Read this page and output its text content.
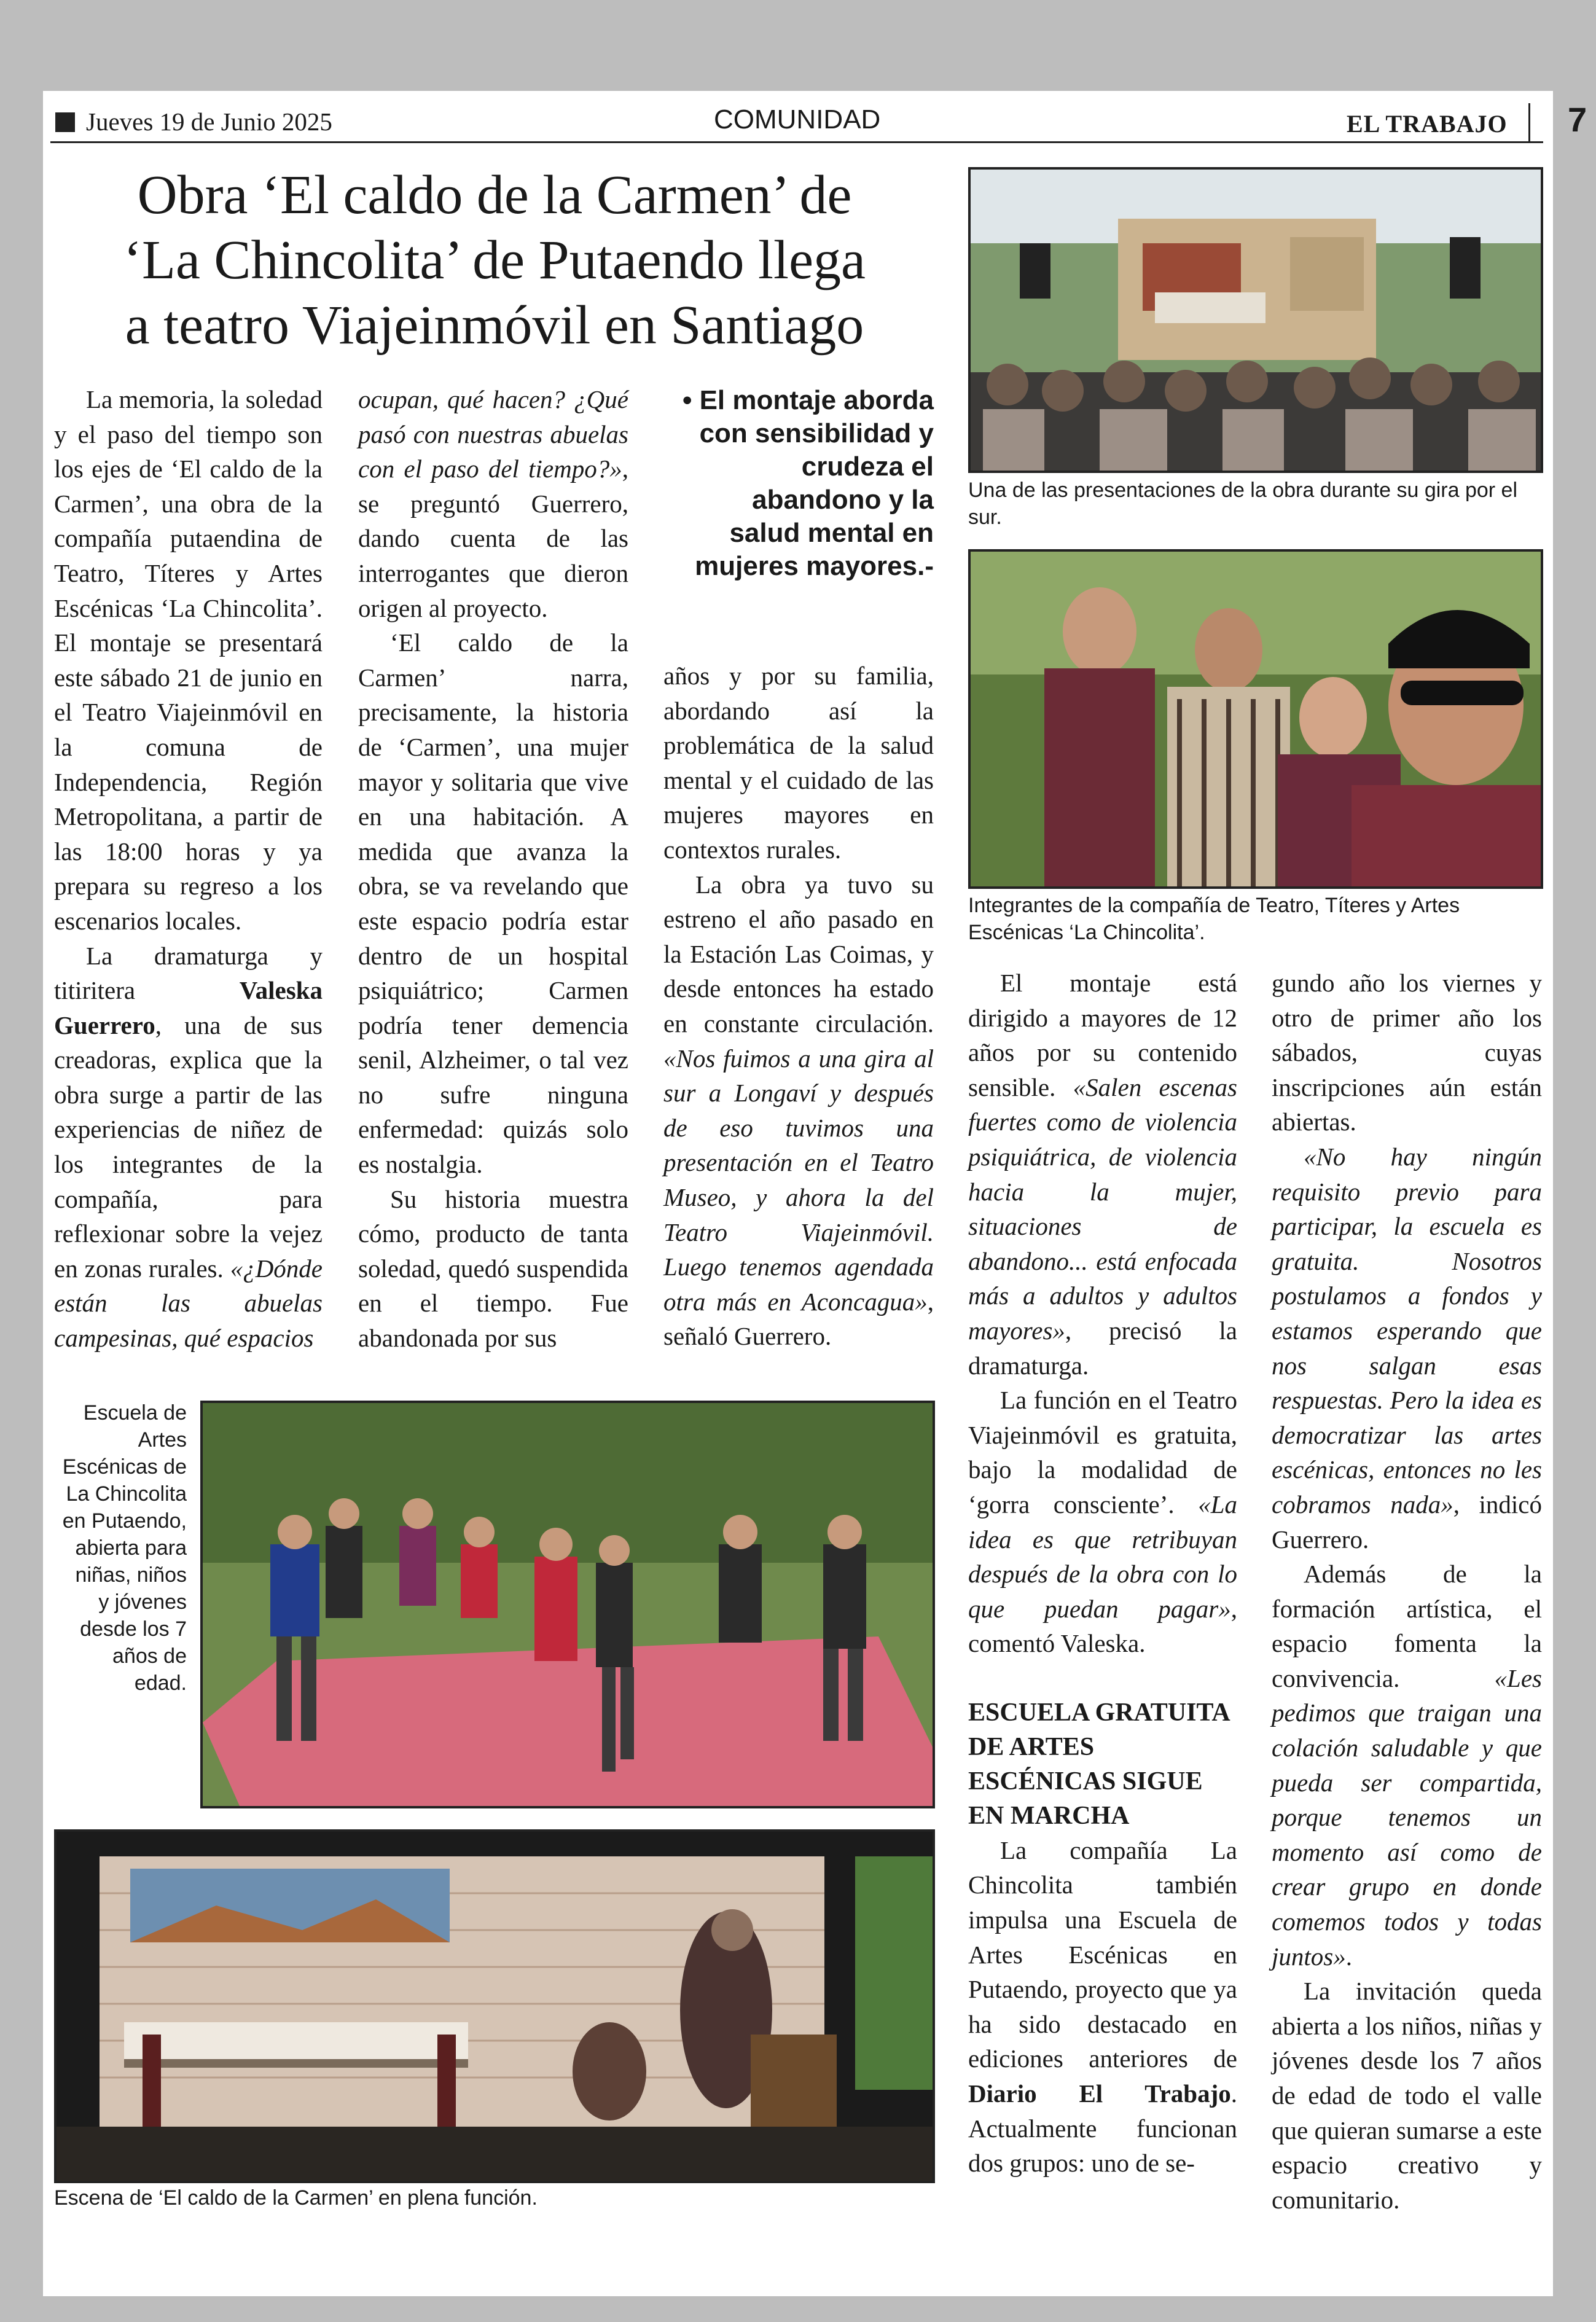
Jueves 19 de Junio 2025	COMUNIDAD	EL TRABAJO 7
Obra ‘El caldo de la Carmen’ de
‘La Chincolita’ de Putaendo llega
a teatro Viajeinmóvil en Santiago

La memoria, la soledad y el paso del tiempo son los ejes de ‘El caldo de la Carmen’, una obra de la compañía putaendina de Teatro, Títeres y Artes Escénicas ‘La Chincolita’. El montaje se presentará este sábado 21 de junio en el Teatro Viajeinmóvil en la comuna de Independencia, Región Metropolitana, a partir de las 18:00 horas y ya prepara su regreso a los escenarios locales.

La dramaturga y titiritera Valeska Guerrero, una de sus creadoras, explica que la obra surge a partir de las experiencias de niñez de los integrantes de la compañía, para reflexionar sobre la vejez en zonas rurales. «¿Dónde están las abuelas campesinas, qué espacios

ocupan, qué hacen? ¿Qué pasó con nuestras abuelas con el paso del tiempo?», se preguntó Guerrero, dando cuenta de las interrogantes que dieron origen al proyecto.

‘El caldo de la Carmen’ narra, precisamente, la historia de ‘Carmen’, una mujer mayor y solitaria que vive en una habitación. A medida que avanza la obra, se va revelando que este espacio podría estar dentro de un hospital psiquiátrico; Carmen podría tener demencia senil, Alzheimer, o tal vez no sufre ninguna enfermedad: quizás solo es nostalgia.

Su historia muestra cómo, producto de tanta soledad, quedó suspendida en el tiempo. Fue abandonada por sus

• El montaje aborda con sensibilidad y crudeza el abandono y la salud mental en mujeres mayores.-

años y por su familia, abordando así la problemática de la salud mental y el cuidado de las mujeres mayores en contextos rurales.

La obra ya tuvo su estreno el año pasado en la Estación Las Coimas, y desde entonces ha estado en constante circulación. «Nos fuimos a una gira al sur a Longaví y después de eso tuvimos una presentación en el Teatro Museo, y ahora la del Teatro Viajeinmóvil. Luego tenemos agendada otra más en Aconcagua», señaló Guerrero.

Una de las presentaciones de la obra durante su gira por el sur.
Integrantes de la compañía de Teatro, Títeres y Artes Escénicas ‘La Chincolita’.

El montaje está dirigido a mayores de 12 años por su contenido sensible. «Salen escenas fuertes como de violencia psiquiátrica, de violencia hacia la mujer, situaciones de abandono... está enfocada más a adultos y adultos mayores», precisó la dramaturga.

La función en el Teatro Viajeinmóvil es gratuita, bajo la modalidad de ‘gorra consciente’. «La idea es que retribuyan después de la obra con lo que puedan pagar», comentó Valeska.

ESCUELA GRATUITA DE ARTES ESCÉNICAS SIGUE EN MARCHA

La compañía La Chincolita también impulsa una Escuela de Artes Escénicas en Putaendo, proyecto que ya ha sido destacado en ediciones anteriores de Diario El Trabajo. Actualmente funcionan dos grupos: uno de se-

gundo año los viernes y otro de primer año los sábados, cuyas inscripciones aún están abiertas.

«No hay ningún requisito previo para participar, la escuela es gratuita. Nosotros postulamos a fondos y estamos esperando que nos salgan esas respuestas. Pero la idea es democratizar las artes escénicas, entonces no les cobramos nada», indicó Guerrero.

Además de la formación artística, el espacio fomenta la convivencia. «Les pedimos que traigan una colación saludable y que pueda ser compartida, porque tenemos un momento así como de crear grupo en donde comemos todos y todas juntos».

La invitación queda abierta a los niños, niñas y jóvenes desde los 7 años de edad de todo el valle que quieran sumarse a este espacio creativo y comunitario.

Escuela de Artes Escénicas de La Chincolita en Putaendo, abierta para niñas, niños y jóvenes desde los 7 años de edad.
Escena de ‘El caldo de la Carmen’ en plena función.
